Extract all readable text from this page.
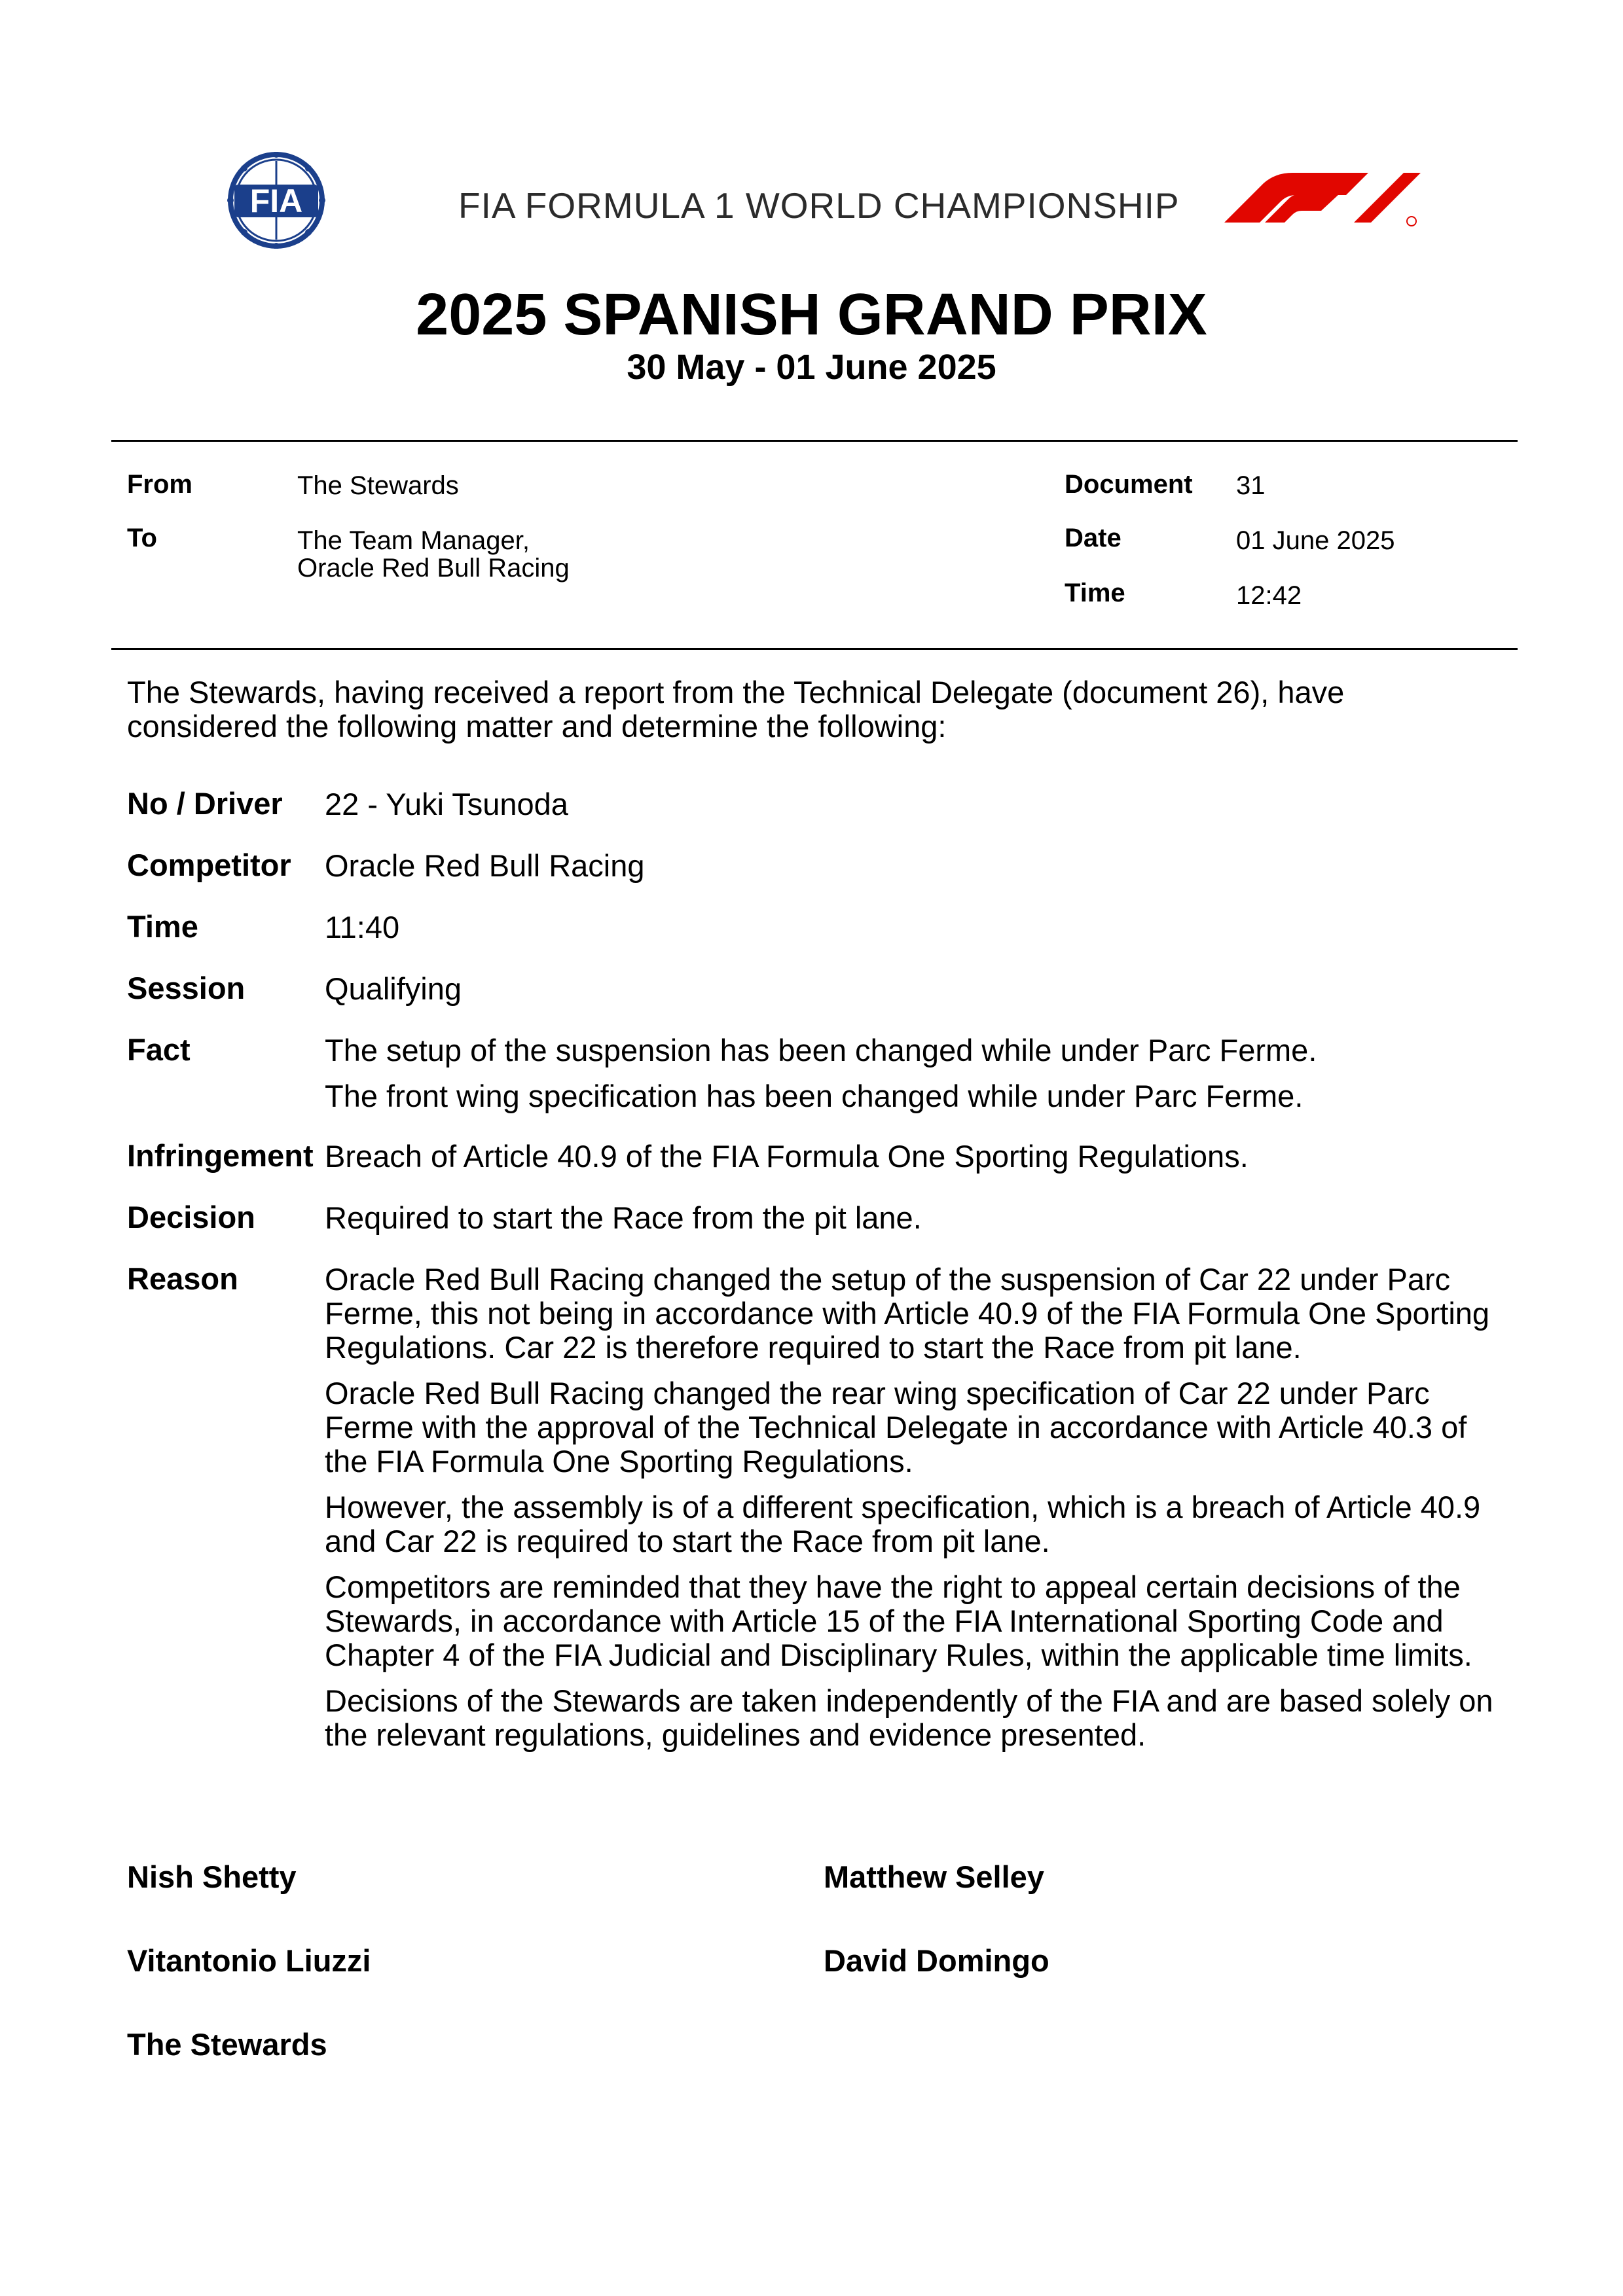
FIA	FIA FORMULA 1 WORLD CHAMPIONSHIP
2025 SPANISH GRAND PRIX
30 May - 01 June 2025
From	The Stewards
To	The Team Manager,
Oracle Red Bull Racing
Document 31
Date	01 June 2025
Time	12:42
The Stewards, having received a report from the Technical Delegate (document 26), have considered the following matter and determine the following:
No / Driver 22 - Yuki Tsunoda
Competitor Oracle Red Bull Racing
Time	11:40
Session	Qualifying
Fact	The setup of the suspension has been changed while under Parc Ferme.

The front wing specification has been changed while under Parc Ferme.

Infringement Breach of Article 40.9 of the FIA Formula One Sporting Regulations.
Decision Required to start the Race from the pit lane.
Reason	Oracle Red Bull Racing changed the setup of the suspension of Car 22 under Parc Ferme, this not being in accordance with Article 40.9 of the FIA Formula One Sporting Regulations. Car 22 is therefore required to start the Race from pit lane.

Oracle Red Bull Racing changed the rear wing specification of Car 22 under Parc Ferme with the approval of the Technical Delegate in accordance with Article 40.3 of the FIA Formula One Sporting Regulations.

However, the assembly is of a different specification, which is a breach of Article 40.9 and Car 22 is required to start the Race from pit lane.

Competitors are reminded that they have the right to appeal certain decisions of the Stewards, in accordance with Article 15 of the FIA International Sporting Code and Chapter 4 of the FIA Judicial and Disciplinary Rules, within the applicable time limits.

Decisions of the Stewards are taken independently of the FIA and are based solely on the relevant regulations, guidelines and evidence presented.

Nish Shetty	Matthew Selley
Vitantonio Liuzzi	David Domingo
The Stewards
